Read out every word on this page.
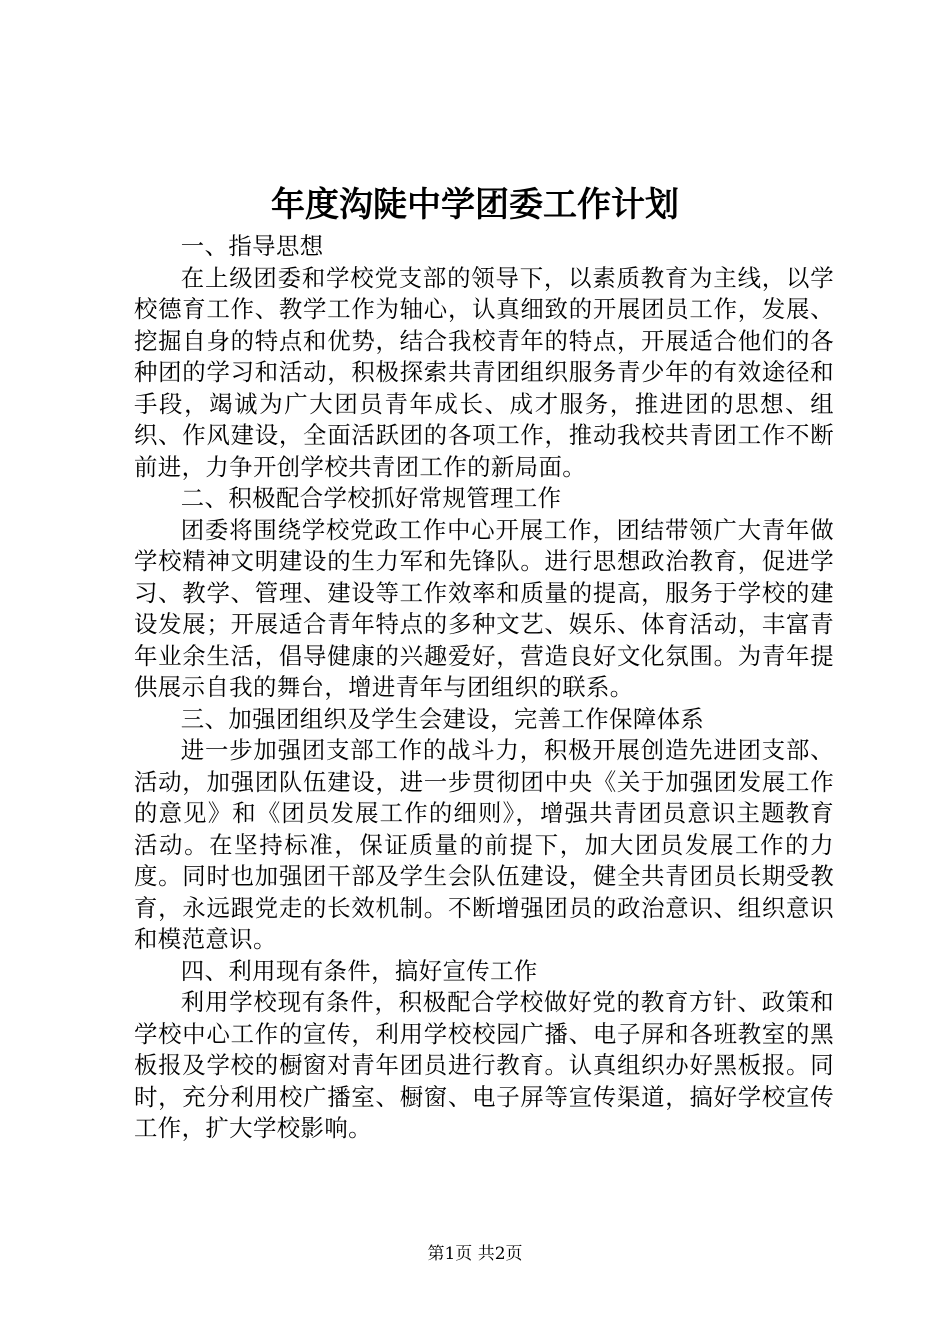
年度沟陡中学团委工作计划

一、指导思想

在上级团委和学校党支部的领导下，以素质教育为主线，以学校德育工作、教学工作为轴心，认真细致的开展团员工作，发展、挖掘自身的特点和优势，结合我校青年的特点，开展适合他们的各种团的学习和活动，积极探索共青团组织服务青少年的有效途径和手段，竭诚为广大团员青年成长、成才服务，推进团的思想、组织、作风建设，全面活跃团的各项工作，推动我校共青团工作不断前进，力争开创学校共青团工作的新局面。

二、积极配合学校抓好常规管理工作

团委将围绕学校党政工作中心开展工作，团结带领广大青年做学校精神文明建设的生力军和先锋队。进行思想政治教育，促进学习、教学、管理、建设等工作效率和质量的提高，服务于学校的建设发展；开展适合青年特点的多种文艺、娱乐、体育活动，丰富青年业余生活，倡导健康的兴趣爱好，营造良好文化氛围。为青年提供展示自我的舞台，增进青年与团组织的联系。

三、加强团组织及学生会建设，完善工作保障体系

进一步加强团支部工作的战斗力，积极开展创造先进团支部、活动，加强团队伍建设，进一步贯彻团中央《关于加强团发展工作的意见》和《团员发展工作的细则》，增强共青团员意识主题教育活动。在坚持标准，保证质量的前提下，加大团员发展工作的力度。同时也加强团干部及学生会队伍建设，健全共青团员长期受教育，永远跟党走的长效机制。不断增强团员的政治意识、组织意识和模范意识。

四、利用现有条件，搞好宣传工作

利用学校现有条件，积极配合学校做好党的教育方针、政策和学校中心工作的宣传，利用学校校园广播、电子屏和各班教室的黑板报及学校的橱窗对青年团员进行教育。认真组织办好黑板报。同时，充分利用校广播室、橱窗、电子屏等宣传渠道，搞好学校宣传工作，扩大学校影响。

第1页 共2页
